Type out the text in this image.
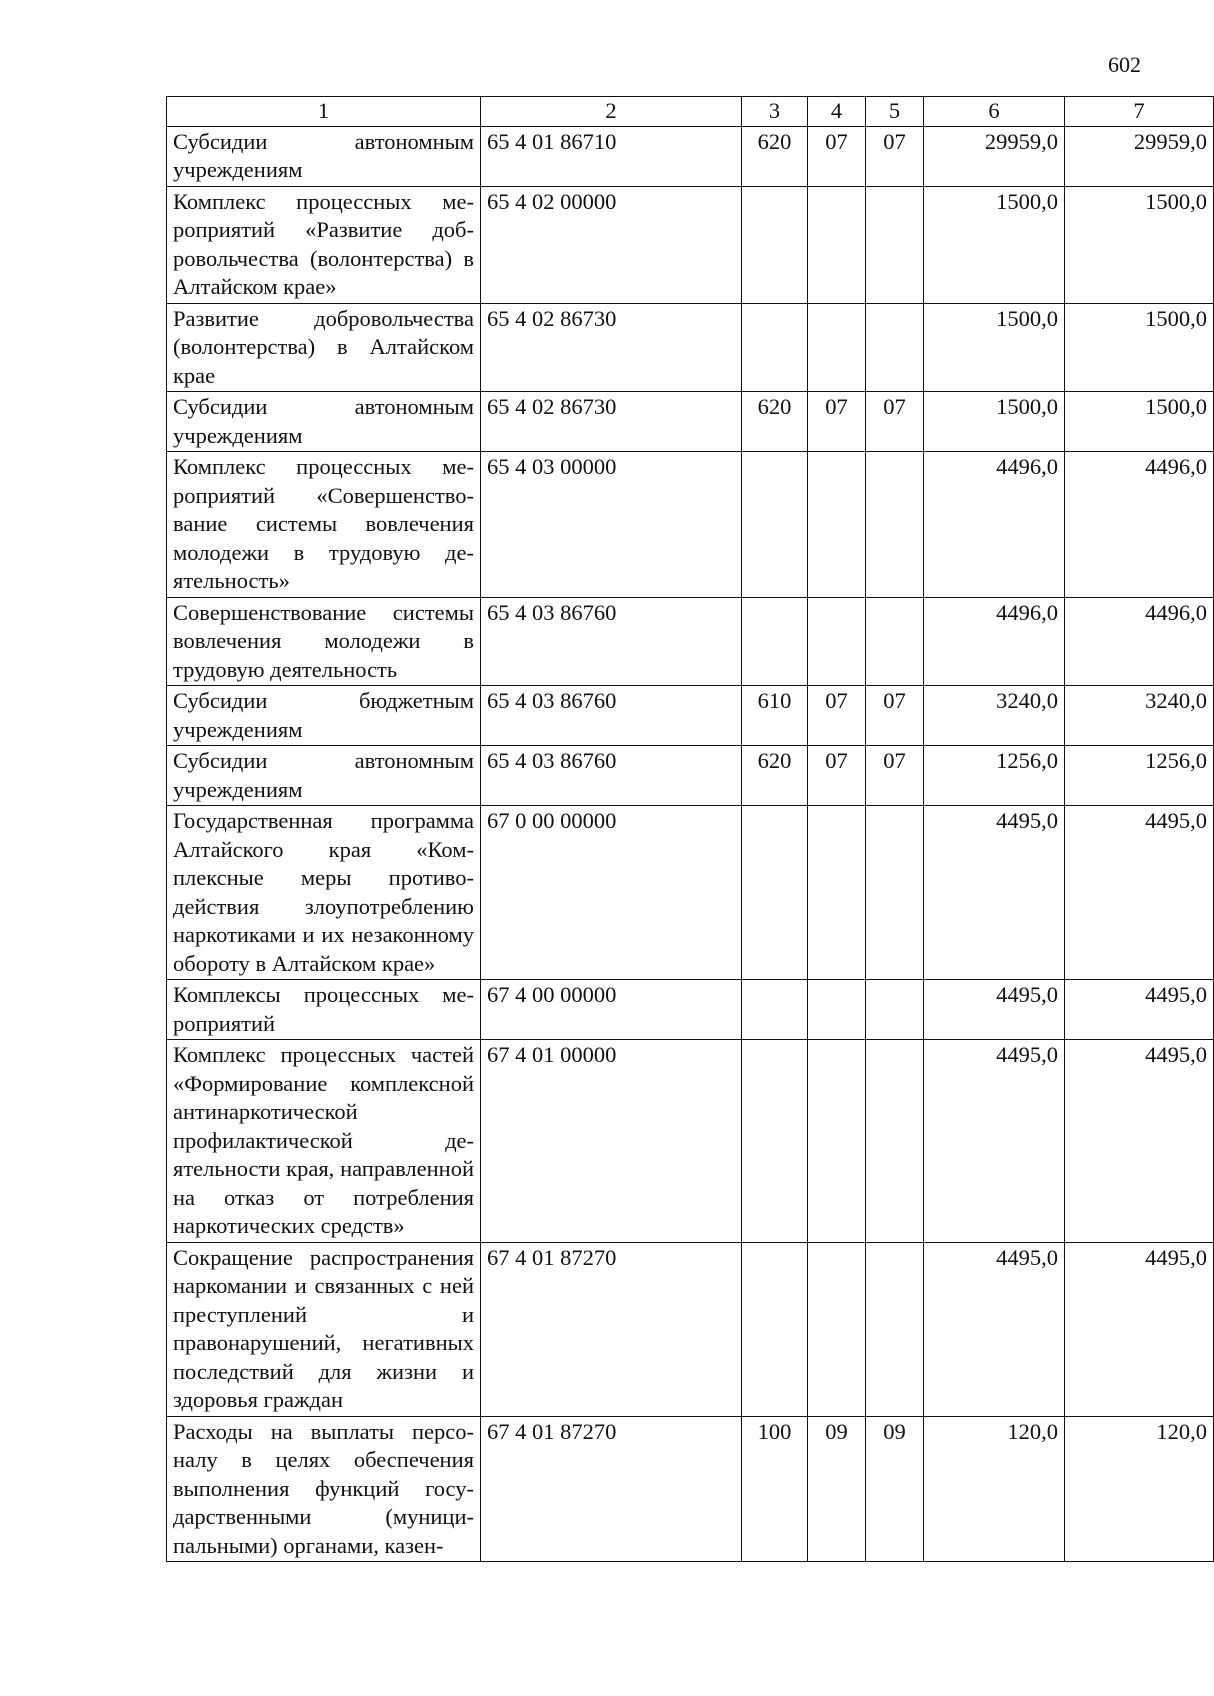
602
1	2	3	4	5	6	7
Субсидии автономным учреждениям	65 4 01 86710	620	07	07	29959,0	29959,0
Комплекс процессных мероприятий «Развитие добровольчества (волонтерства) в Алтайском крае»	65 4 02 00000				1500,0	1500,0
Развитие добровольчества (волонтерства) в Алтайском крае	65 4 02 86730				1500,0	1500,0
Субсидии автономным учреждениям	65 4 02 86730	620	07	07	1500,0	1500,0
Комплекс процессных мероприятий «Совершенствование системы вовлечения молодежи в трудовую деятельность»	65 4 03 00000				4496,0	4496,0
Совершенствование системы вовлечения молодежи в трудовую деятельность	65 4 03 86760				4496,0	4496,0
Субсидии бюджетным учреждениям	65 4 03 86760	610	07	07	3240,0	3240,0
Субсидии автономным учреждениям	65 4 03 86760	620	07	07	1256,0	1256,0
Государственная программа Алтайского края «Комплексные меры противодействия злоупотреблению наркотиками и их незаконному обороту в Алтайском крае»	67 0 00 00000				4495,0	4495,0
Комплексы процессных мероприятий	67 4 00 00000				4495,0	4495,0
Комплекс процессных частей «Формирование комплексной антинаркотической профилактической деятельности края, направленной на отказ от потребления наркотических средств»	67 4 01 00000				4495,0	4495,0
Сокращение распространения наркомании и связанных с ней преступлений и правонарушений, негативных последствий для жизни и здоровья граждан	67 4 01 87270				4495,0	4495,0
Расходы на выплаты персоналу в целях обеспечения выполнения функций государственными (муниципальными) органами, казен-	67 4 01 87270	100	09	09	120,0	120,0
